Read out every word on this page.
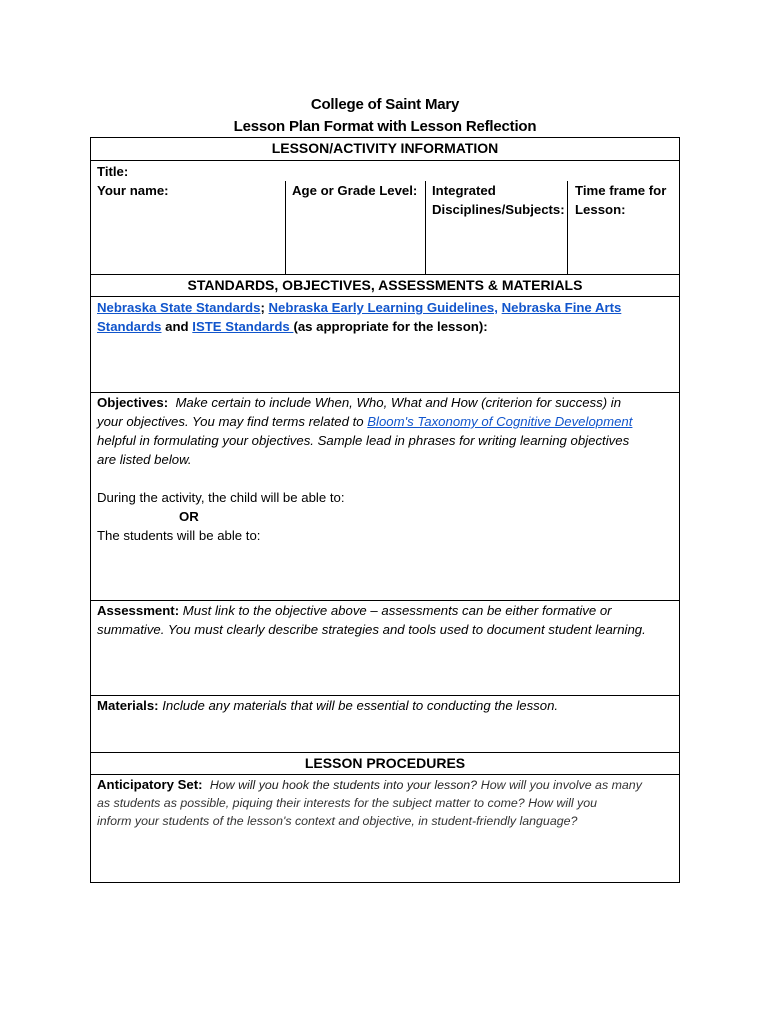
College of Saint Mary
Lesson Plan Format with Lesson Reflection
LESSON/ACTIVITY INFORMATION
Title:
Your name:	Age or Grade Level: Integrated
Disciplines/Subjects:
Time frame for
Lesson:
STANDARDS, OBJECTIVES, ASSESSMENTS & MATERIALS
Nebraska State Standards; Nebraska Early Learning Guidelines, Nebraska Fine Arts
Standards and ISTE Standards (as appropriate for the lesson):
Objectives: Make certain to include When, Who, What and How (criterion for success) in
your objectives. You may find terms related to Bloom's Taxonomy of Cognitive Development
helpful in formulating your objectives. Sample lead in phrases for writing learning objectives
are listed below.
During the activity, the child will be able to:
OR
The students will be able to:
Assessment: Must link to the objective above – assessments can be either formative or
summative. You must clearly describe strategies and tools used to document student learning.
Materials: Include any materials that will be essential to conducting the lesson.
LESSON PROCEDURES
Anticipatory Set: How will you hook the students into your lesson? How will you involve as many
as students as possible, piquing their interests for the subject matter to come? How will you
inform your students of the lesson's context and objective, in student-friendly language?
